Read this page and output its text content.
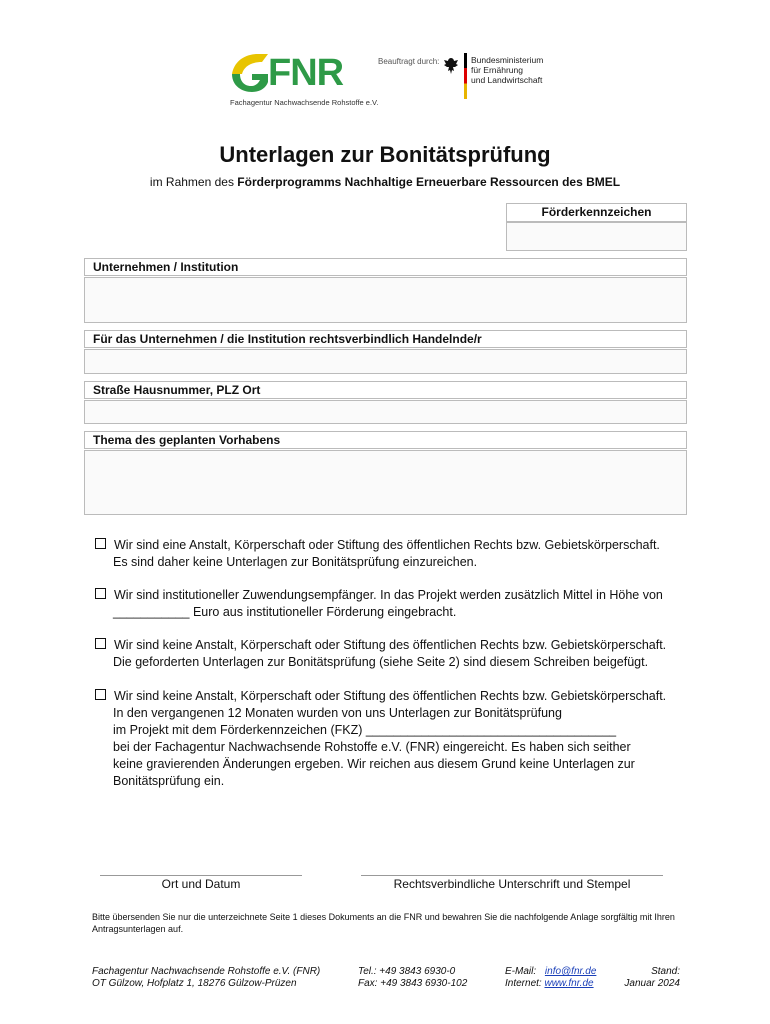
FNR
Fachagentur Nachwachsende Rohstoffe e.V.
Beauftragt durch:	Bundesministerium
für Ernährung
und Landwirtschaft
Unterlagen zur Bonitätsprüfung
im Rahmen des Förderprogramms Nachhaltige Erneuerbare Ressourcen des BMEL
Förderkennzeichen
Unternehmen / Institution
Für das Unternehmen / die Institution rechtsverbindlich Handelnde/r
Straße Hausnummer, PLZ Ort
Thema des geplanten Vorhabens
Wir sind eine Anstalt, Körperschaft oder Stiftung des öffentlichen Rechts bzw. Gebietskörperschaft.
Es sind daher keine Unterlagen zur Bonitätsprüfung einzureichen.
Wir sind institutioneller Zuwendungsempfänger. In das Projekt werden zusätzlich Mittel in Höhe von
___________ Euro aus institutioneller Förderung eingebracht.
Wir sind keine Anstalt, Körperschaft oder Stiftung des öffentlichen Rechts bzw. Gebietskörperschaft.
Die geforderten Unterlagen zur Bonitätsprüfung (siehe Seite 2) sind diesem Schreiben beigefügt.
Wir sind keine Anstalt, Körperschaft oder Stiftung des öffentlichen Rechts bzw. Gebietskörperschaft.
In den vergangenen 12 Monaten wurden von uns Unterlagen zur Bonitätsprüfung
im Projekt mit dem Förderkennzeichen (FKZ) ____________________________________
bei der Fachagentur Nachwachsende Rohstoffe e.V. (FNR) eingereicht. Es haben sich seither
keine gravierenden Änderungen ergeben. Wir reichen aus diesem Grund keine Unterlagen zur
Bonitätsprüfung ein.
Ort und Datum	Rechtsverbindliche Unterschrift und Stempel
Bitte übersenden Sie nur die unterzeichnete Seite 1 dieses Dokuments an die FNR und bewahren Sie die nachfolgende Anlage sorgfältig mit Ihren Antragsunterlagen auf.
Fachagentur Nachwachsende Rohstoffe e.V. (FNR)
OT Gülzow, Hofplatz 1, 18276 Gülzow-Prüzen
Tel.: +49 3843 6930-0
Fax: +49 3843 6930-102
E-Mail: info@fnr.de
Internet: www.fnr.de
Stand:
Januar 2024
